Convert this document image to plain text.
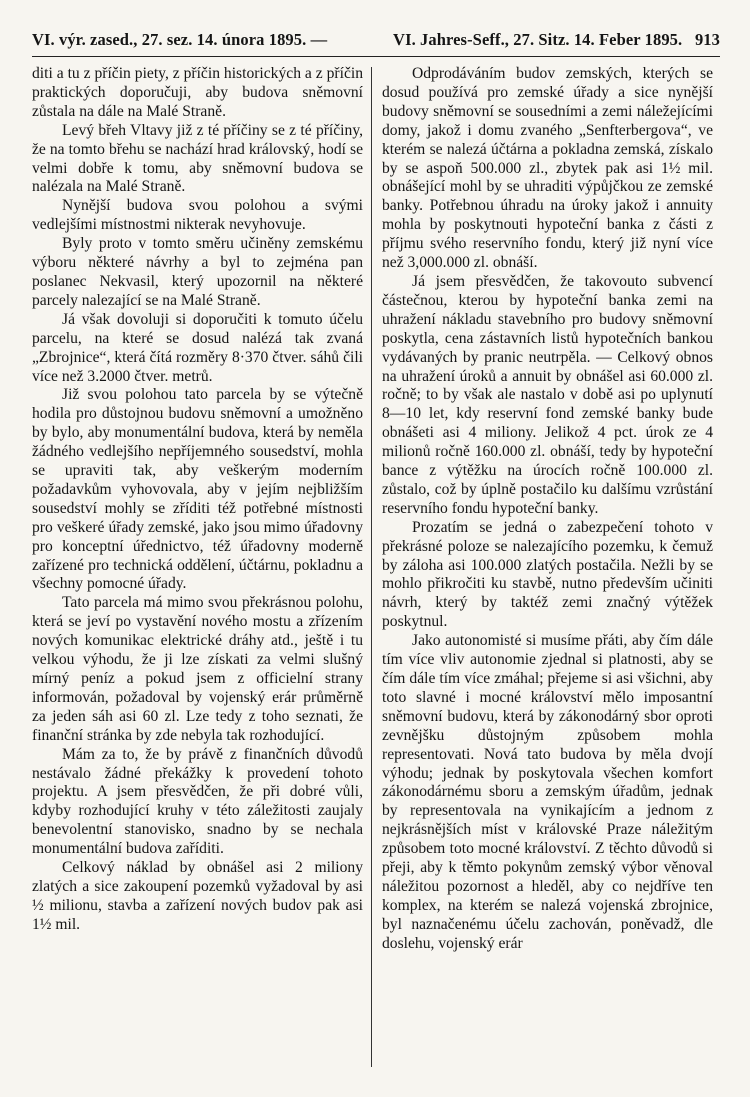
VI. výr. zased., 27. sez. 14. února 1895. —	VI. Jahres-Seff., 27. Sitz. 14. Feber 1895. 913

diti a tu z příčin piety, z příčin historických a z příčin praktických doporučuji, aby budova sněmovní zůstala na dále na Malé Straně.

Levý břeh Vltavy již z té příčiny se z té příčiny, že na tomto břehu se nachází hrad královský, hodí se velmi dobře k tomu, aby sněmovní budova se nalézala na Malé Straně.

Nynější budova svou polohou a svými vedlejšími místnostmi nikterak nevyhovuje.

Byly proto v tomto směru učiněny zemskému výboru některé návrhy a byl to zejména pan poslanec Nekvasil, který upozornil na některé parcely nalezající se na Malé Straně.

Já však dovoluji si doporučiti k tomuto účelu parcelu, na které se dosud nalézá tak zvaná „Zbrojnice“, která čítá rozměry 8·370 čtver. sáhů čili více než 3.2000 čtver. metrů.

Již svou polohou tato parcela by se výtečně hodila pro důstojnou budovu sněmovní a umožněno by bylo, aby monumentální budova, která by neměla žádného vedlejšího nepříjemného sousedství, mohla se upraviti tak, aby veškerým moderním požadavkům vyhovovala, aby v jejím nejbližším sousedství mohly se zříditi též potřebné místnosti pro veškeré úřady zemské, jako jsou mimo úřadovny pro konceptní úřednictvo, též úřadovny moderně zařízené pro technická oddělení, účtárnu, pokladnu a všechny pomocné úřady.

Tato parcela má mimo svou překrásnou polohu, která se jeví po vystavění nového mostu a zřízením nových komunikac elektrické dráhy atd., ještě i tu velkou výhodu, že ji lze získati za velmi slušný mírný peníz a pokud jsem z officielní strany informován, požadoval by vojenský erár průměrně za jeden sáh asi 60 zl. Lze tedy z toho seznati, že finanční stránka by zde nebyla tak rozhodující.

Mám za to, že by právě z finančních důvodů nestávalo žádné překážky k provedení tohoto projektu. A jsem přesvědčen, že při dobré vůli, kdyby rozhodující kruhy v této záležitosti zaujaly benevolentní stanovisko, snadno by se nechala monumentální budova zaříditi.

Celkový náklad by obnášel asi 2 miliony zlatých a sice zakoupení pozemků vyžadoval by asi ½ milionu, stavba a zařízení nových budov pak asi 1½ mil.

Odprodáváním budov zemských, kterých se dosud používá pro zemské úřady a sice nynější budovy sněmovní se sousedními a zemi náležejícími domy, jakož i domu zvaného „Senfterbergova“, ve kterém se nalezá účtárna a pokladna zemská, získalo by se aspoň 500.000 zl., zbytek pak asi 1½ mil. obnášející mohl by se uhraditi výpůjčkou ze zemské banky. Potřebnou úhradu na úroky jakož i annuity mohla by poskytnouti hypoteční banka z části z příjmu svého reservního fondu, který již nyní více než 3,000.000 zl. obnáší.

Já jsem přesvědčen, že takovouto subvencí částečnou, kterou by hypoteční banka zemi na uhražení nákladu stavebního pro budovy sněmovní poskytla, cena zástavních listů hypotečních bankou vydávaných by pranic neutrpěla. — Celkový obnos na uhražení úroků a annuit by obnášel asi 60.000 zl. ročně; to by však ale nastalo v době asi po uplynutí 8—10 let, kdy reservní fond zemské banky bude obnášeti asi 4 miliony. Jelikož 4 pct. úrok ze 4 milionů ročně 160.000 zl. obnáší, tedy by hypoteční bance z výtěžku na úrocích ročně 100.000 zl. zůstalo, což by úplně postačilo ku dalšímu vzrůstání reservního fondu hypoteční banky.

Prozatím se jedná o zabezpečení tohoto v překrásné poloze se nalezajícího pozemku, k čemuž by záloha asi 100.000 zlatých postačila. Nežli by se mohlo přikročiti ku stavbě, nutno především učiniti návrh, který by taktéž zemi značný výtěžek poskytnul.

Jako autonomisté si musíme přáti, aby čím dále tím více vliv autonomie zjednal si platnosti, aby se čím dále tím více zmáhal; přejeme si asi všichni, aby toto slavné i mocné království mělo imposantní sněmovní budovu, která by zákonodárný sbor oproti zevnějšku důstojným způsobem mohla representovati. Nová tato budova by měla dvojí výhodu; jednak by poskytovala všechen komfort zákonodárnému sboru a zemským úřadům, jednak by representovala na vynikajícím a jednom z nejkrásnějších míst v královské Praze náležitým způsobem toto mocné království. Z těchto důvodů si přeji, aby k těmto pokynům zemský výbor věnoval náležitou pozornost a hleděl, aby co nejdříve ten komplex, na kterém se nalezá vojenská zbrojnice, byl naznačenému účelu zachován, poněvadž, dle doslehu, vojenský erár
